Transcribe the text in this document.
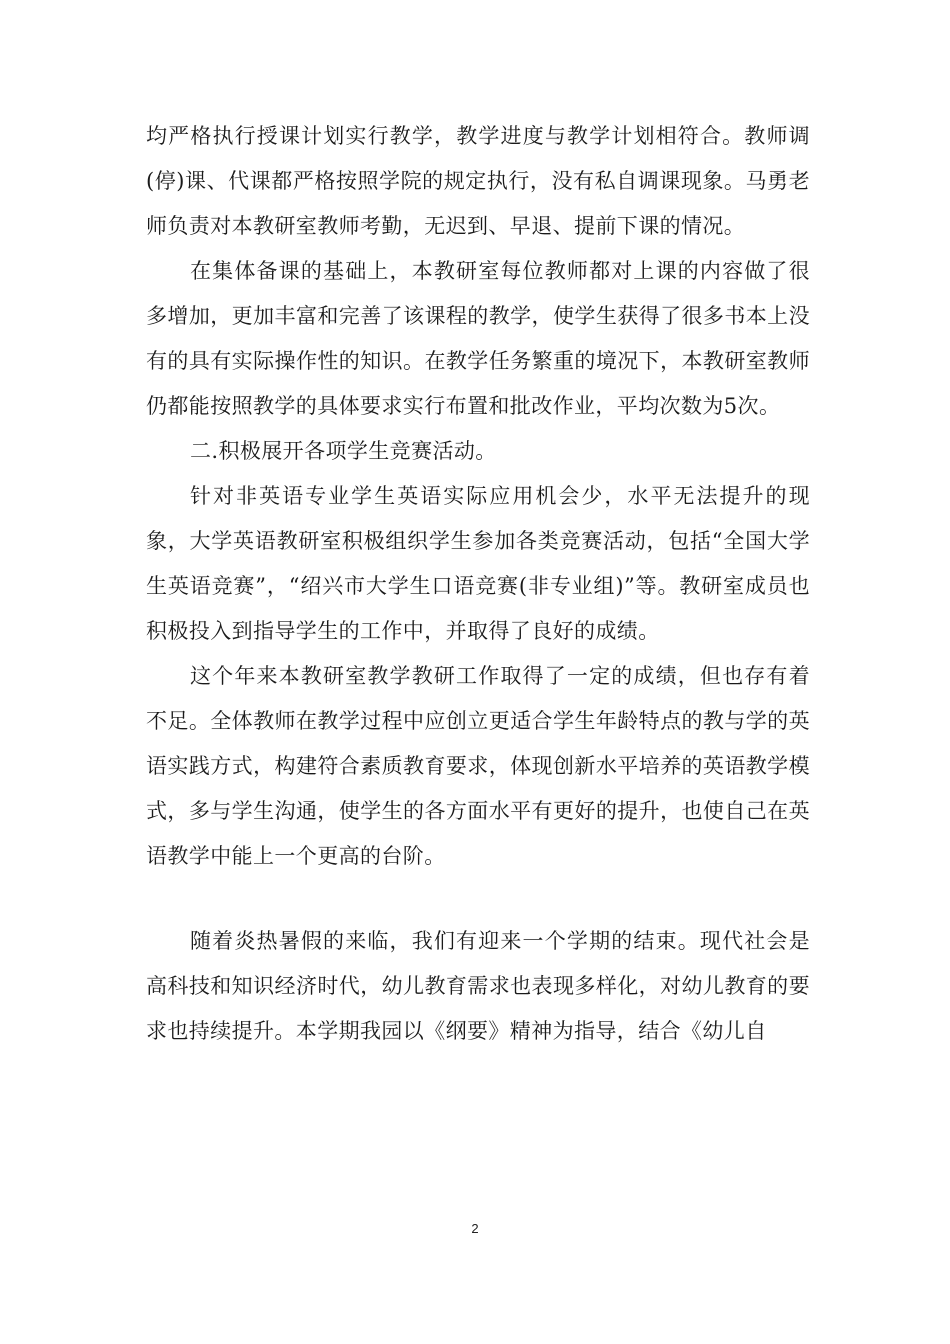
均严格执行授课计划实行教学，教学进度与教学计划相符合。教师调(停)课、代课都严格按照学院的规定执行，没有私自调课现象。马勇老师负责对本教研室教师考勤，无迟到、早退、提前下课的情况。

在集体备课的基础上，本教研室每位教师都对上课的内容做了很多增加，更加丰富和完善了该课程的教学，使学生获得了很多书本上没有的具有实际操作性的知识。在教学任务繁重的境况下，本教研室教师仍都能按照教学的具体要求实行布置和批改作业，平均次数为5次。

二.积极展开各项学生竞赛活动。

针对非英语专业学生英语实际应用机会少，水平无法提升的现象，大学英语教研室积极组织学生参加各类竞赛活动，包括“全国大学生英语竞赛”，“绍兴市大学生口语竞赛(非专业组)”等。教研室成员也积极投入到指导学生的工作中，并取得了良好的成绩。

这个年来本教研室教学教研工作取得了一定的成绩，但也存有着不足。全体教师在教学过程中应创立更适合学生年龄特点的教与学的英语实践方式，构建符合素质教育要求，体现创新水平培养的英语教学模式，多与学生沟通，使学生的各方面水平有更好的提升，也使自己在英语教学中能上一个更高的台阶。

随着炎热暑假的来临，我们有迎来一个学期的结束。现代社会是高科技和知识经济时代，幼儿教育需求也表现多样化，对幼儿教育的要求也持续提升。本学期我园以《纲要》精神为指导，结合《幼儿自

2
